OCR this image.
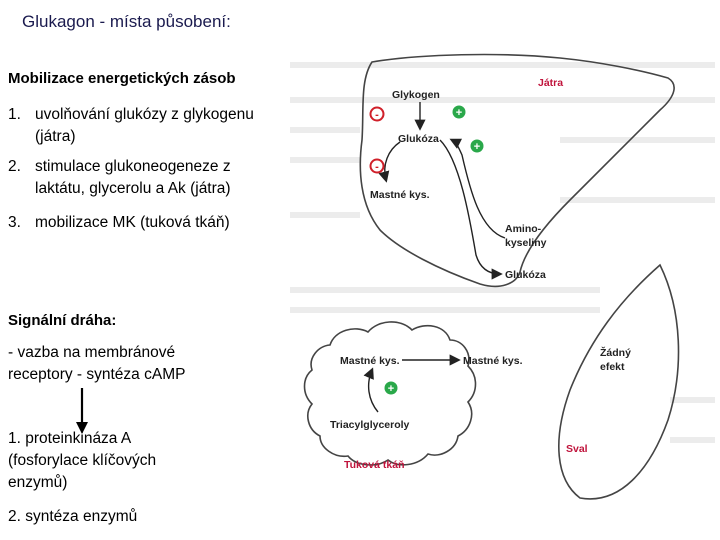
Glukagon - místa působení:
Mobilizace energetických zásob
1. uvolňování glukózy z glykogenu
(játra)
2. stimulace glukoneogeneze z
laktátu, glycerolu a Ak (játra)
3. mobilizace MK (tuková tkáň)
Signální dráha:
- vazba na membránové
receptory - syntéza cAMP
1. proteinkináza A
(fosforylace klíčových
enzymů)
2. syntéza enzymů
Játra
Glykogen
Glukóza
Mastné kys.
Amino-
kyseliny
Glukóza
-	+
+
-
Mastné kys.	Mastné kys.
Triacylglyceroly
Tuková tkáň
+
Žádný
efekt
Sval
